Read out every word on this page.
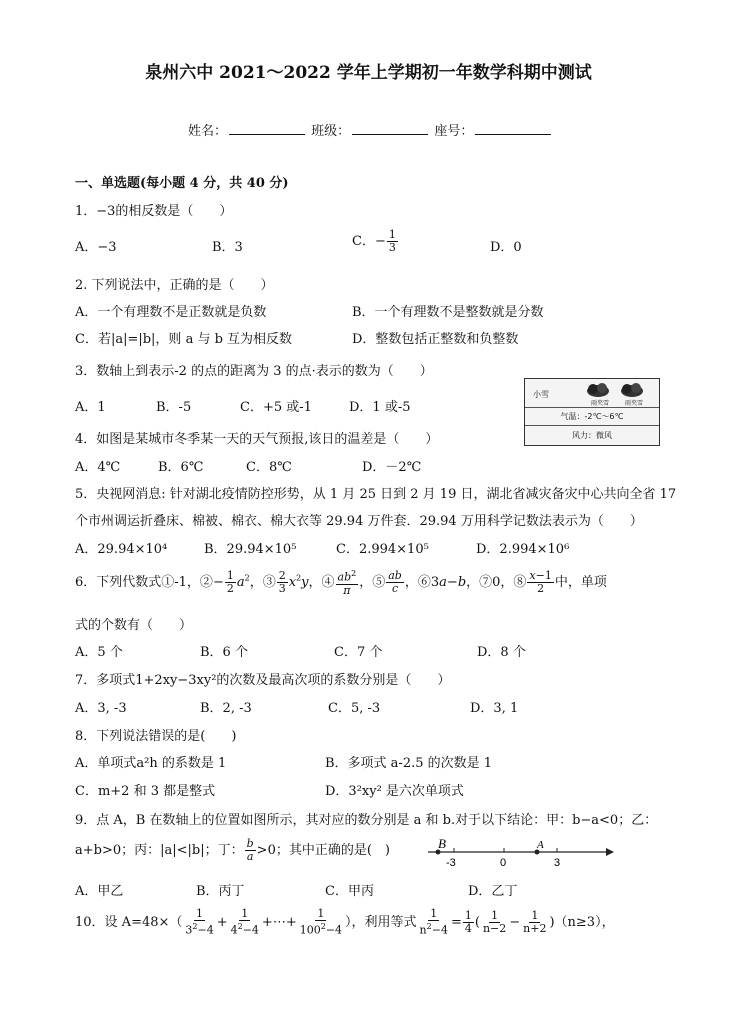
泉州六中 2021～2022 学年上学期初一年数学科期中测试
姓名：	班级：	座号：
一、单选题(每小题 4 分，共 40 分)
1．−3的相反数是（　　）
A．−3	B．3	C．− $\frac{1}{3}$	D．0
2. 下列说法中，正确的是（　　）
A．一个有理数不是正数就是负数	B．一个有理数不是整数就是分数
C．若|a|=|b|，则 a 与 b 互为相反数	D．整数包括正整数和负整数
3．数轴上到表示-2 的点的距离为 3 的点·表示的数为（　　）
A．1	B．-5	C．+5 或-1	D．1 或-5
小雪
雨夹雪	雨夹雪
气温：-2℃～6℃
风力：微风
4．如图是某城市冬季某一天的天气预报,该日的温差是（　　）
A．4℃	B．6℃	C．8℃	D．－2℃
5．央视网消息: 针对湖北疫情防控形势，从 1 月 25 日到 2 月 19 日，湖北省减灾备灾中心共向全省 17
个市州调运折叠床、棉被、棉衣、棉大衣等 29.94 万件套．29.94 万用科学记数法表示为（　　）
A．29.94×10⁴	B．29.94×10⁵	C．2.994×10⁵	D．2.994×10⁶
6．下列代数式①-1，②− $\frac{1}{2} a^2$，③ $\frac{2}{3} x^2y$，④ $\frac{ab^2}{\pi}$ ，⑤ $\frac{ab}{c}$ ，⑥3a−b，⑦0，⑧ $\frac{x-1}{2}$ 中，单项
式的个数有（　　）
A．5 个	B．6 个	C．7 个	D．8 个
7．多项式1+2xy−3xy²的次数及最高次项的系数分别是（　　）
A．3, -3	B．2, -3	C．5, -3	D．3, 1
8．下列说法错误的是(　　)
A．单项式a²h 的系数是 1	B．多项式 a-2.5 的次数是 1
C．m+2 和 3 都是整式	D．3²xy² 是六次单项式
9．点 A，B 在数轴上的位置如图所示，其对应的数分别是 a 和 b.对于以下结论：甲：b−a<0；乙：
a+b>0；丙：|a|<|b|；丁： $\frac{b}{a} >0$；其中正确的是(　)	B	A
-3	0	3
A．甲乙	B．丙丁	C．甲丙	D．乙丁
10．设 $A=48\times( \frac{1}{3^2-4} + \frac{1}{4^2-4}$ +⋯+ $\frac{1}{100^2-4}$ ），利用等式 $\frac{1}{n^2-4} = \frac{1}{4}$ ( $\frac{1}{n-2} - \frac{1}{n+2} )(n\ge 3)$，
